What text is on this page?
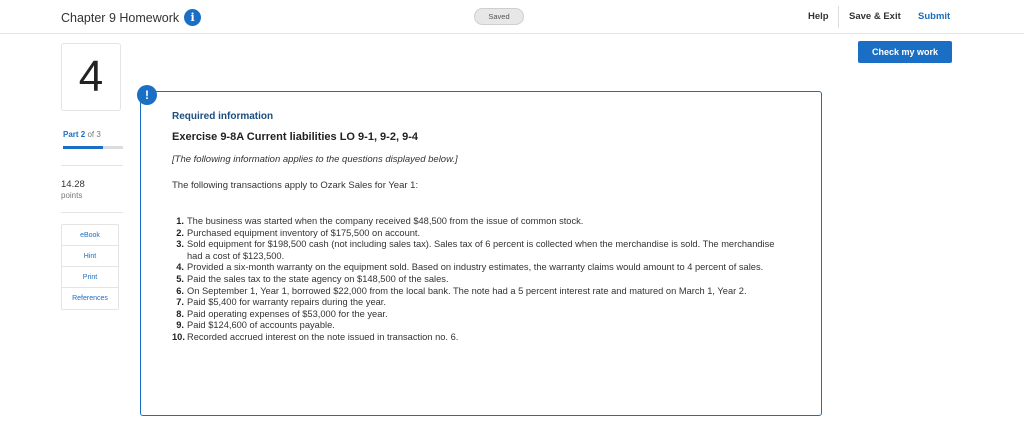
Chapter 9 Homework	i	Saved	Help Save & Exit Submit
Check my work
4
Part 2 of 3
14.28
points
eBook
Hint
Print
References
!
Required information
Exercise 9-8A Current liabilities LO 9-1, 9-2, 9-4
[The following information applies to the questions displayed below.]
The following transactions apply to Ozark Sales for Year 1:
1. The business was started when the company received $48,500 from the issue of common stock.
2. Purchased equipment inventory of $175,500 on account.
3. Sold equipment for $198,500 cash (not including sales tax). Sales tax of 6 percent is collected when the merchandise is sold. The merchandise had a cost of $123,500.
4. Provided a six-month warranty on the equipment sold. Based on industry estimates, the warranty claims would amount to 4 percent of sales.
5. Paid the sales tax to the state agency on $148,500 of the sales.
6. On September 1, Year 1, borrowed $22,000 from the local bank. The note had a 5 percent interest rate and matured on March 1, Year 2.
7. Paid $5,400 for warranty repairs during the year.
8. Paid operating expenses of $53,000 for the year.
9. Paid $124,600 of accounts payable.
10. Recorded accrued interest on the note issued in transaction no. 6.
